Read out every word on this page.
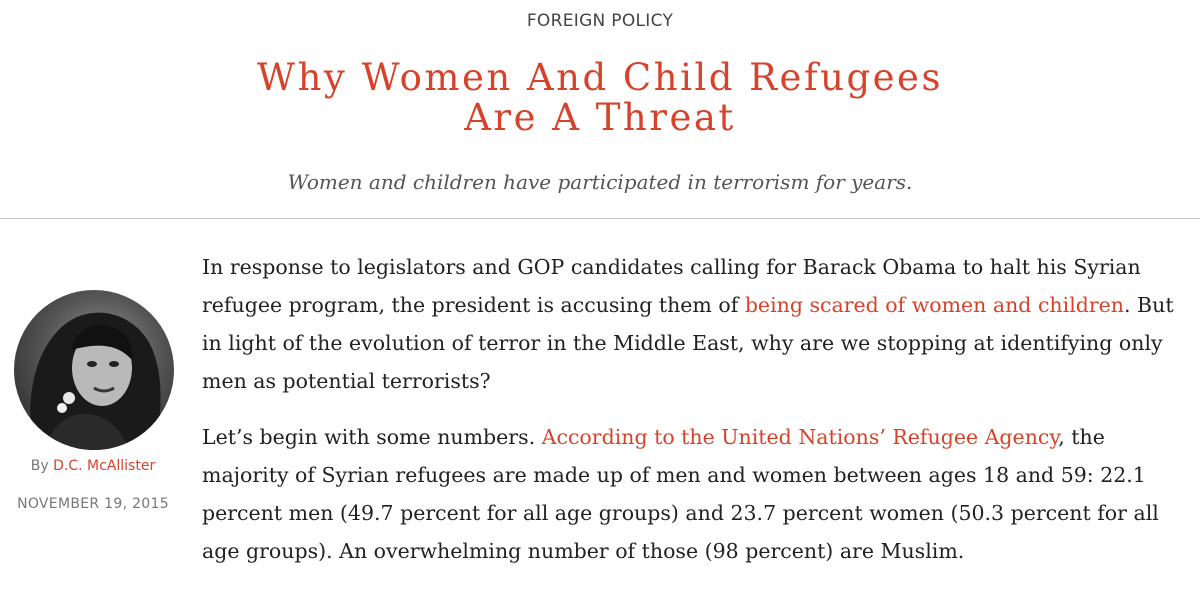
FOREIGN POLICY
Why Women And Child Refugees
Are A Threat
Women and children have participated in terrorism for years.
By D.C. McAllister
NOVEMBER 19, 2015

In response to legislators and GOP candidates calling for Barack Obama to halt his Syrian refugee program, the president is accusing them of being scared of women and children. But in light of the evolution of terror in the Middle East, why are we stopping at identifying only men as potential terrorists?

Let’s begin with some numbers. According to the United Nations’ Refugee Agency, the majority of Syrian refugees are made up of men and women between ages 18 and 59: 22.1 percent men (49.7 percent for all age groups) and 23.7 percent women (50.3 percent for all age groups). An overwhelming number of those (98 percent) are Muslim.
